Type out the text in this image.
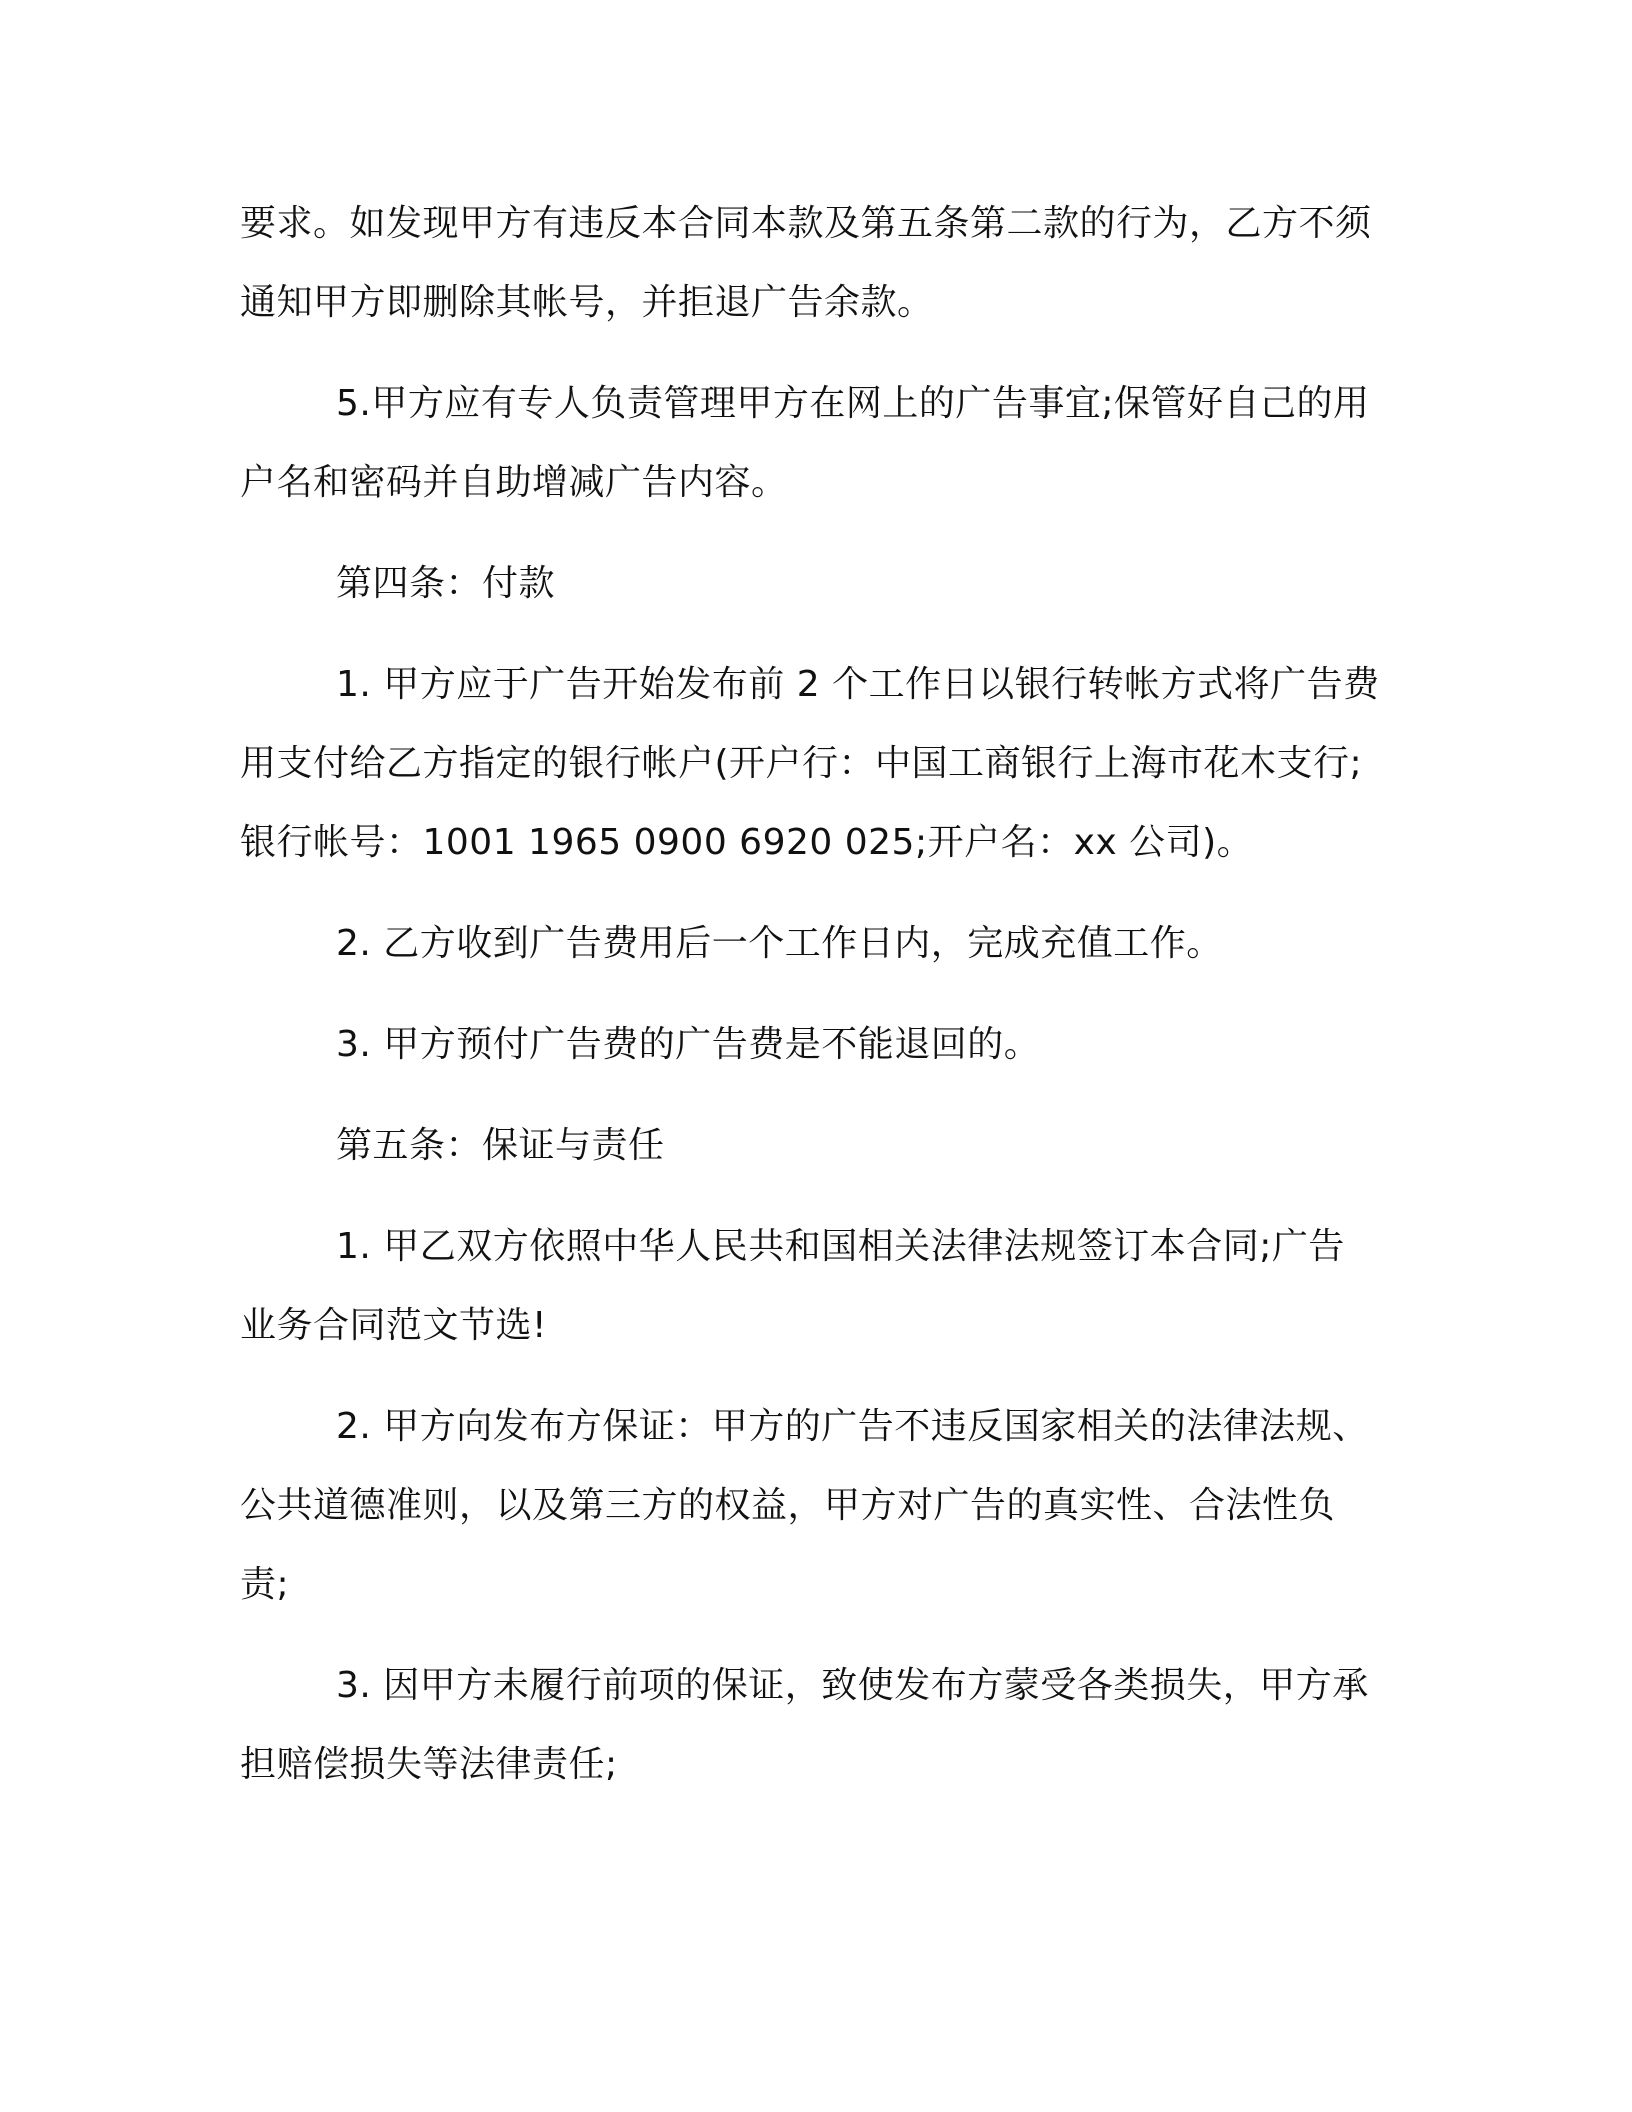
要求。如发现甲方有违反本合同本款及第五条第二款的行为，乙方不须通知甲方即删除其帐号，并拒退广告余款。

5.甲方应有专人负责管理甲方在网上的广告事宜;保管好自己的用户名和密码并自助增减广告内容。

第四条：付款

1. 甲方应于广告开始发布前 2 个工作日以银行转帐方式将广告费用支付给乙方指定的银行帐户(开户行：中国工商银行上海市花木支行;银行帐号：1001 1965 0900 6920 025;开户名：xx 公司)。

2. 乙方收到广告费用后一个工作日内，完成充值工作。

3. 甲方预付广告费的广告费是不能退回的。

第五条：保证与责任

1. 甲乙双方依照中华人民共和国相关法律法规签订本合同;广告业务合同范文节选!

2. 甲方向发布方保证：甲方的广告不违反国家相关的法律法规、公共道德准则，以及第三方的权益，甲方对广告的真实性、合法性负责;

3. 因甲方未履行前项的保证，致使发布方蒙受各类损失，甲方承担赔偿损失等法律责任;
